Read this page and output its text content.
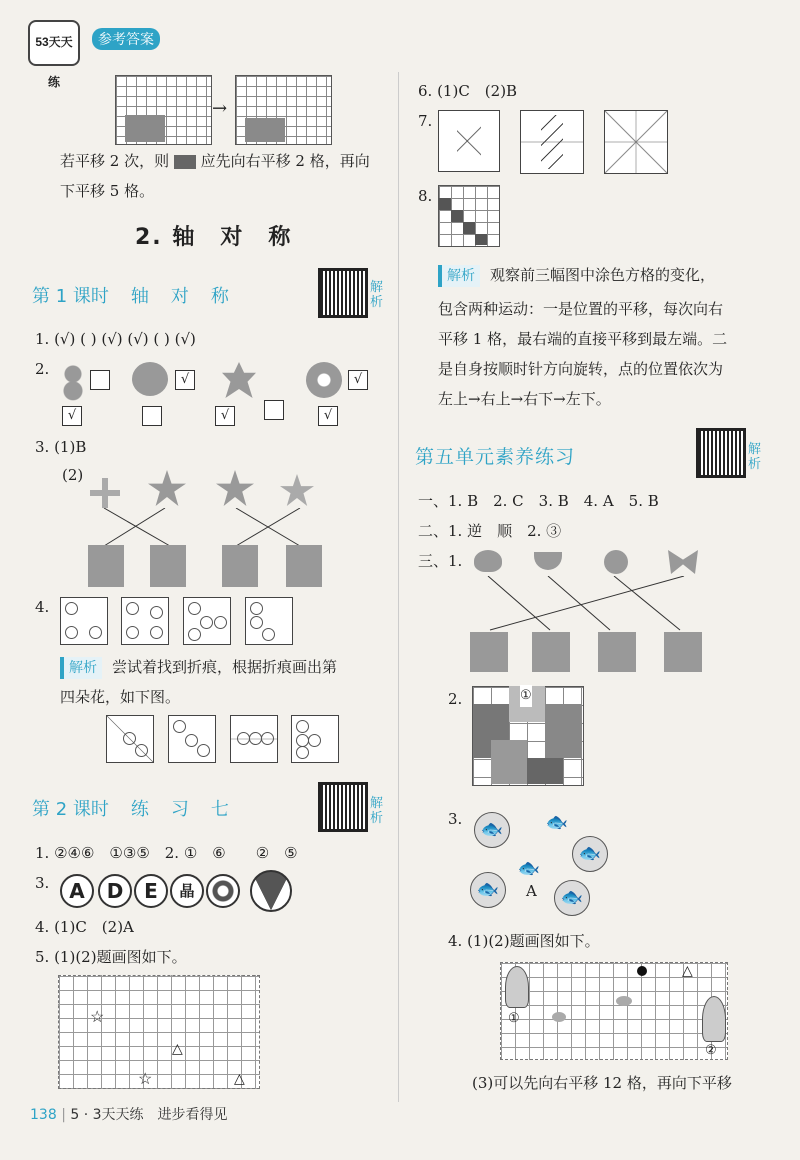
53天天练
参考答案
→
若平移 2 次，则 应先向右平移 2 格，再向
下平移 5 格。
2. 轴　对　称
第 1 课时 轴 对 称	解析
1. (√) ( ) (√) (√) ( ) (√)
2.
√
√
√
√
√
3. (1)B
(2)
4.
解析 尝试着找到折痕，根据折痕画出第
四朵花，如下图。
第 2 课时 练 习 七	解析
1. ②④⑥　①③⑤　2. ①　⑥　　②　⑤
3. A	D	E	晶
4. (1)C　(2)A
5. (1)(2)题画图如下。
☆
△
☆	△
138 | 5 · 3天天练　进步看得见
6. (1)C　(2)B
7.
8.
解析 观察前三幅图中涂色方格的变化，
包含两种运动：一是位置的平移，每次向右
平移 1 格，最右端的直接平移到最左端。二
是自身按顺时针方向旋转，点的位置依次为
左上→右上→右下→左下。
第五单元素养练习	解析
一、1. B　2. C　3. B　4. A　5. B
二、1. 逆　顺　2. ③
三、1.
2.	①
3.	🐟	🐟
🐟
🐟
🐟	🐟
A
4. (1)(2)题画图如下。
△
①
②
(3)可以先向右平移 12 格，再向下平移
